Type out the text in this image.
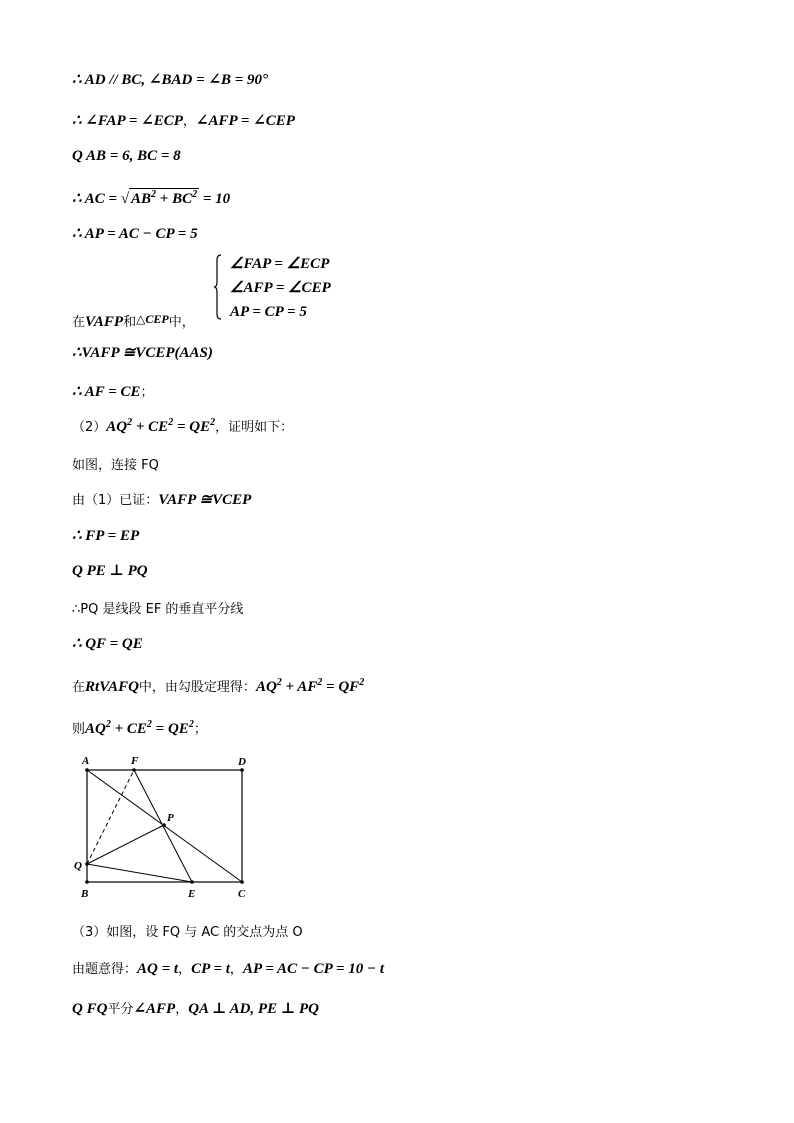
∴ AD // BC, ∠BAD = ∠B = 90°
∴ ∠FAP = ∠ECP，∠AFP = ∠CEP
Q AB = 6, BC = 8
∴ AC = √ $AB^2 + BC^2 = 10$
∴ AP = AC − CP = 5
∠FAP = ∠ECP
∠AFP = ∠CEP
AP = CP = 5
在VAFP和$^{\triangle CEP}$中，
∴VAFP ≅VCEP(AAS)
∴ AF = CE；
$(2)AQ^2 + CE^2 = QE^2$，证明如下：
如图，连接 FQ
由（1）已证：VAFP ≅VCEP
∴ FP = EP
Q PE ⊥ PQ
∴PQ 是线段 EF 的垂直平分线
∴ QF = QE
在RtVAFQ中，由勾股定理得：$AQ^2 + AF^2 = QF^2$
则$AQ^2 + CE^2 = QE^2$；
A	F	D
P
Q
B	E	C
（3）如图，设 FQ 与 AC 的交点为点 O
由题意得：AQ = t，CP = t，AP = AC − CP = 10 − t
Q FQ平分∠AFP，QA ⊥ AD, PE ⊥ PQ
